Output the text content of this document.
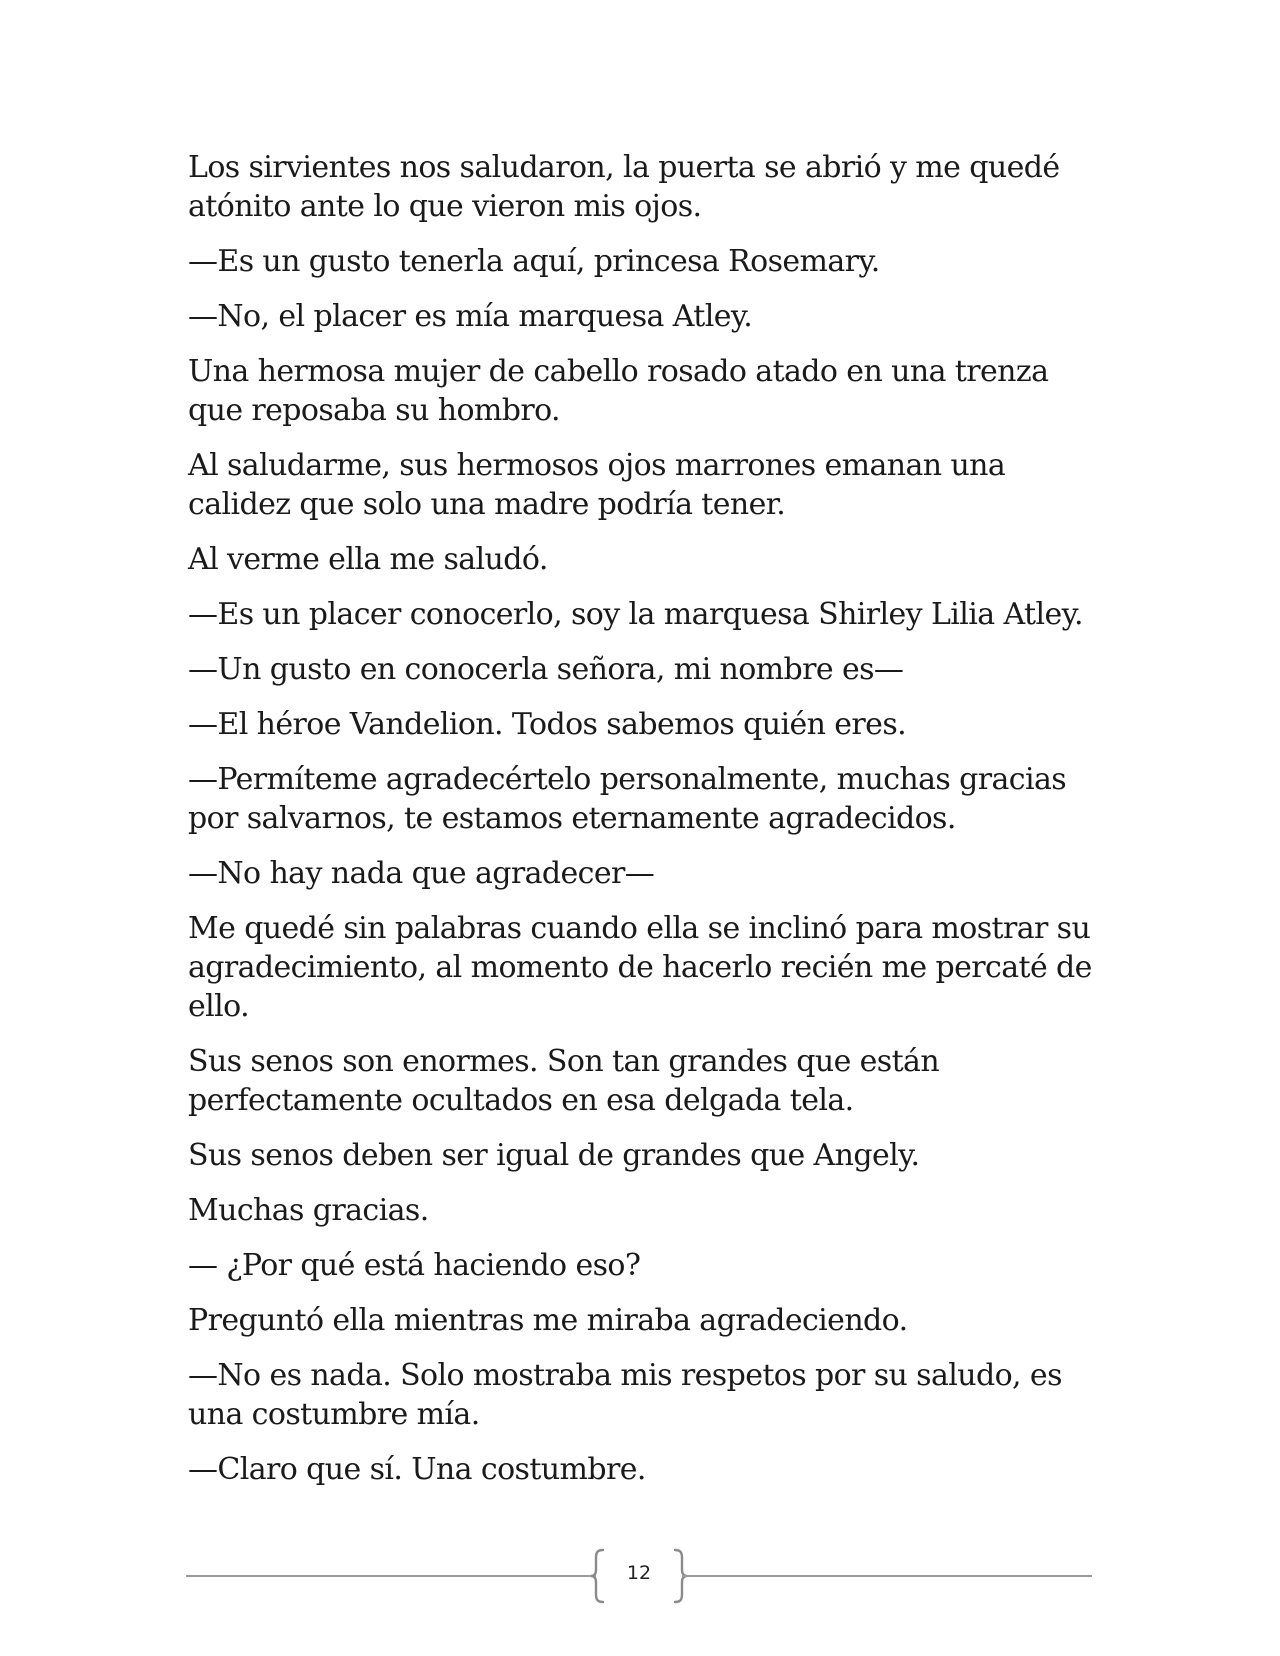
Los sirvientes nos saludaron, la puerta se abrió y me quedé atónito ante lo que vieron mis ojos.

—Es un gusto tenerla aquí, princesa Rosemary.

—No, el placer es mía marquesa Atley.

Una hermosa mujer de cabello rosado atado en una trenza que reposaba su hombro.

Al saludarme, sus hermosos ojos marrones emanan una calidez que solo una madre podría tener.

Al verme ella me saludó.

—Es un placer conocerlo, soy la marquesa Shirley Lilia Atley.

—Un gusto en conocerla señora, mi nombre es—

—El héroe Vandelion. Todos sabemos quién eres.

—Permíteme agradecértelo personalmente, muchas gracias por salvarnos, te estamos eternamente agradecidos.

—No hay nada que agradecer—

Me quedé sin palabras cuando ella se inclinó para mostrar su agradecimiento, al momento de hacerlo recién me percaté de ello.

Sus senos son enormes. Son tan grandes que están perfectamente ocultados en esa delgada tela.

Sus senos deben ser igual de grandes que Angely.

Muchas gracias.

— ¿Por qué está haciendo eso?

Preguntó ella mientras me miraba agradeciendo.

—No es nada. Solo mostraba mis respetos por su saludo, es una costumbre mía.

—Claro que sí. Una costumbre.

12
